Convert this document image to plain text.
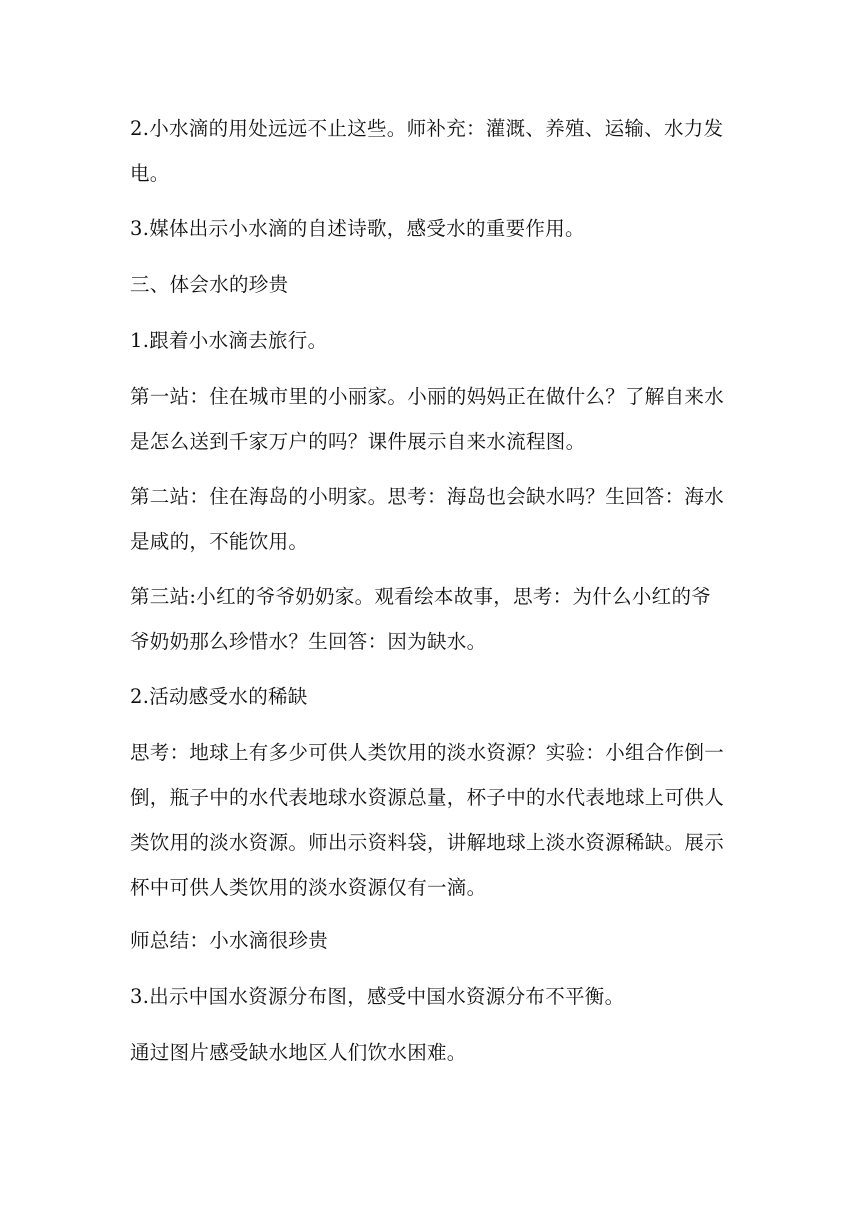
2.小水滴的用处远远不止这些。师补充：灌溉、养殖、运输、水力发电。

3.媒体出示小水滴的自述诗歌，感受水的重要作用。

三、体会水的珍贵

1.跟着小水滴去旅行。

第一站：住在城市里的小丽家。小丽的妈妈正在做什么？了解自来水是怎么送到千家万户的吗？课件展示自来水流程图。

第二站：住在海岛的小明家。思考：海岛也会缺水吗？生回答：海水是咸的，不能饮用。

第三站:小红的爷爷奶奶家。观看绘本故事，思考：为什么小红的爷爷奶奶那么珍惜水？生回答：因为缺水。

2.活动感受水的稀缺

思考：地球上有多少可供人类饮用的淡水资源？实验：小组合作倒一倒，瓶子中的水代表地球水资源总量，杯子中的水代表地球上可供人类饮用的淡水资源。师出示资料袋，讲解地球上淡水资源稀缺。展示杯中可供人类饮用的淡水资源仅有一滴。

师总结：小水滴很珍贵

3.出示中国水资源分布图，感受中国水资源分布不平衡。

通过图片感受缺水地区人们饮水困难。
